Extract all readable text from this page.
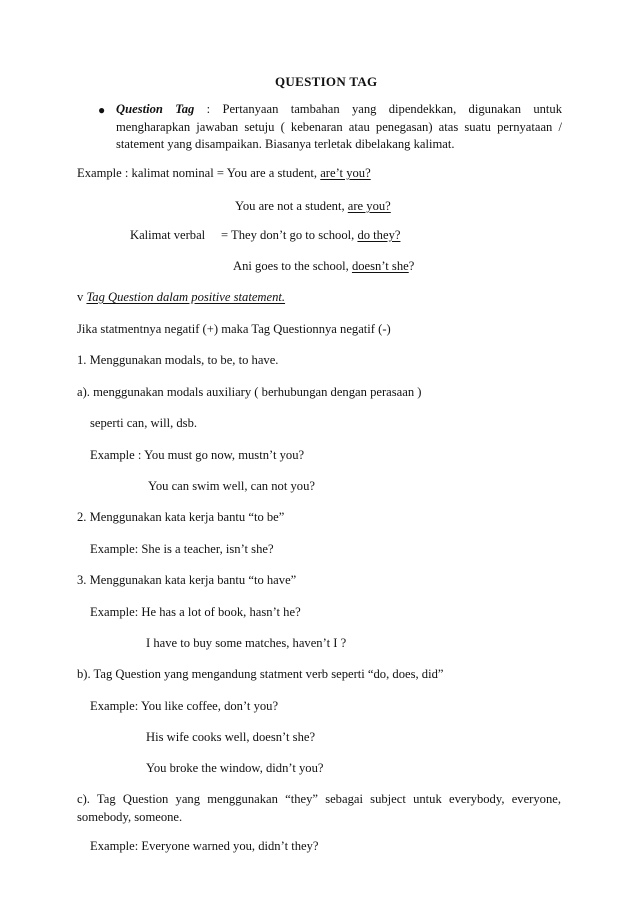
QUESTION TAG
● Question Tag : Pertanyaan tambahan yang dipendekkan, digunakan untuk mengharapkan jawaban setuju ( kebenaran atau penegasan) atas suatu pernyataan / statement yang disampaikan. Biasanya terletak dibelakang kalimat.
Example : kalimat nominal = You are a student, are’t you?
You are not a student, are you?
Kalimat verbal = They don’t go to school, do they?
Ani goes to the school, doesn’t she?
v Tag Question dalam positive statement.
Jika statmentnya negatif (+) maka Tag Questionnya negatif (-)
1. Menggunakan modals, to be, to have.
a). menggunakan modals auxiliary ( berhubungan dengan perasaan )
seperti can, will, dsb.
Example : You must go now, mustn’t you?
You can swim well, can not you?
2. Menggunakan kata kerja bantu “to be”
Example: She is a teacher, isn’t she?
3. Menggunakan kata kerja bantu “to have”
Example: He has a lot of book, hasn’t he?
I have to buy some matches, haven’t I ?
b). Tag Question yang mengandung statment verb seperti “do, does, did”
Example: You like coffee, don’t you?
His wife cooks well, doesn’t she?
You broke the window, didn’t you?
c). Tag Question yang menggunakan “they” sebagai subject untuk everybody, everyone, somebody, someone.
Example: Everyone warned you, didn’t they?
